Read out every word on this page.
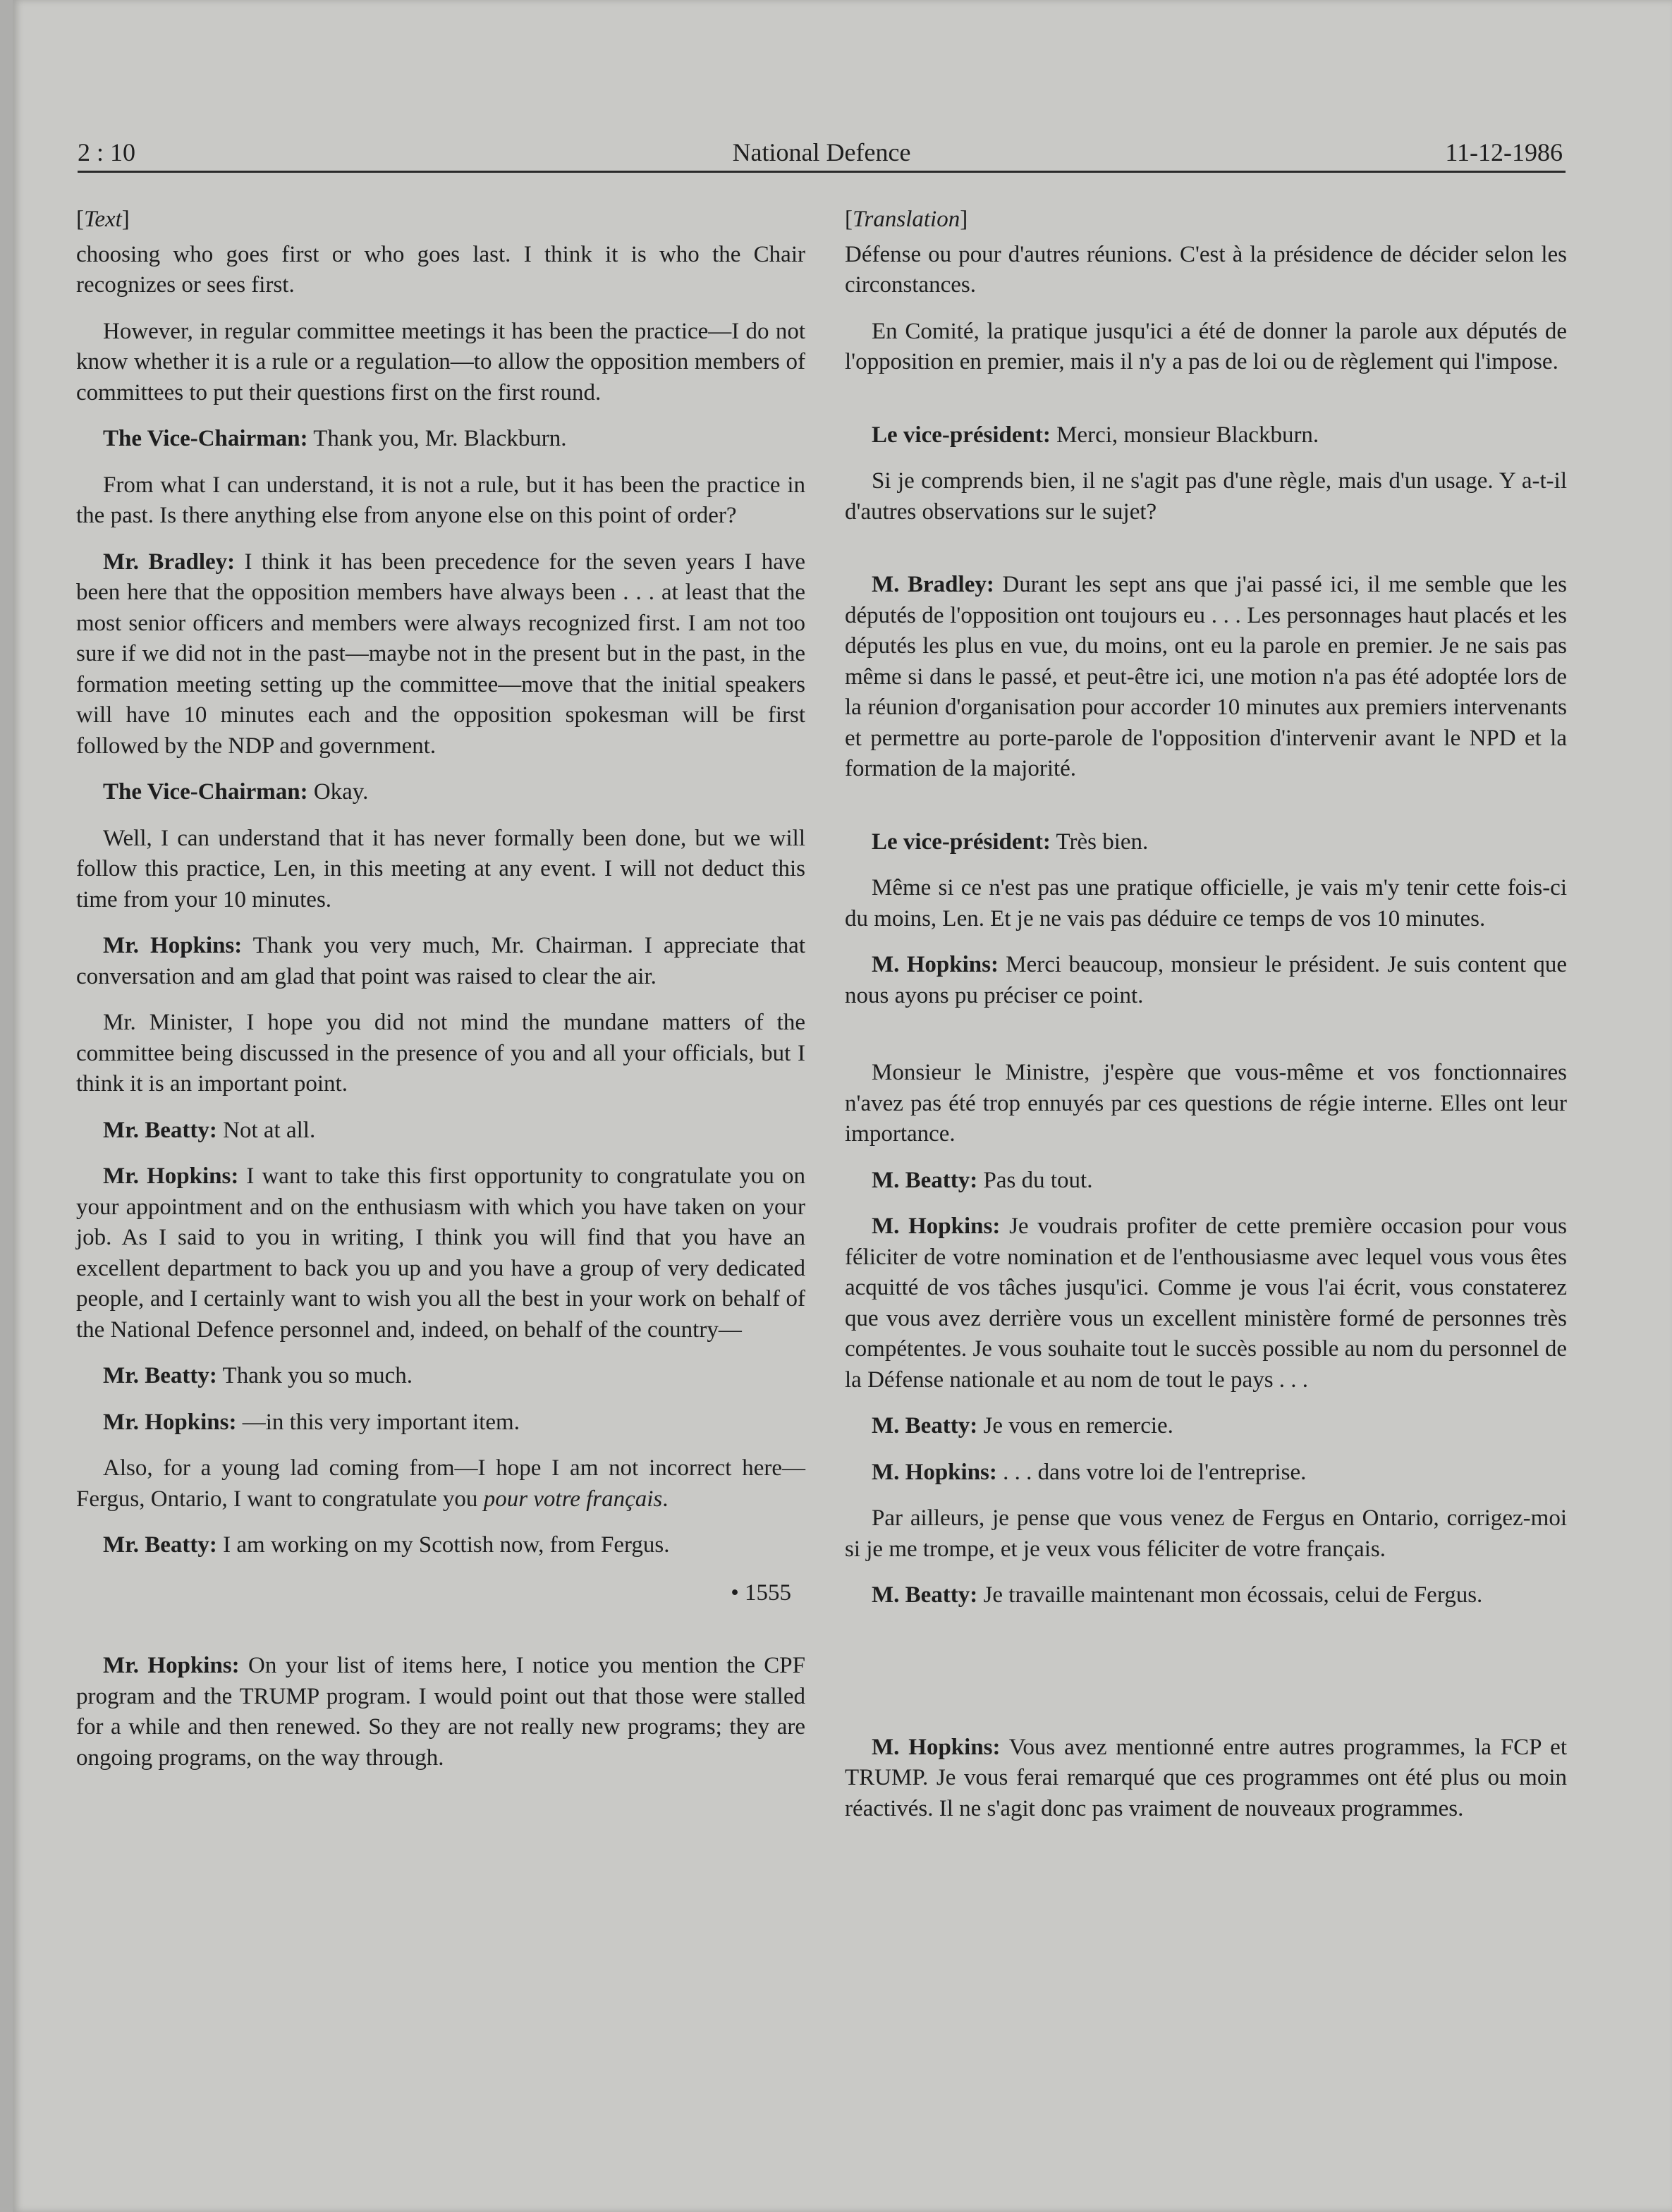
2 : 10	National Defence	11-12-1986
[Text]

choosing who goes first or who goes last. I think it is who the Chair recognizes or sees first.

However, in regular committee meetings it has been the practice—I do not know whether it is a rule or a regulation—to allow the opposition members of committees to put their questions first on the first round.

The Vice-Chairman: Thank you, Mr. Blackburn.

From what I can understand, it is not a rule, but it has been the practice in the past. Is there anything else from anyone else on this point of order?

Mr. Bradley: I think it has been precedence for the seven years I have been here that the opposition members have always been . . . at least that the most senior officers and members were always recognized first. I am not too sure if we did not in the past—maybe not in the present but in the past, in the formation meeting setting up the committee—move that the initial speakers will have 10 minutes each and the opposition spokesman will be first followed by the NDP and government.

The Vice-Chairman: Okay.

Well, I can understand that it has never formally been done, but we will follow this practice, Len, in this meeting at any event. I will not deduct this time from your 10 minutes.

Mr. Hopkins: Thank you very much, Mr. Chairman. I appreciate that conversation and am glad that point was raised to clear the air.

Mr. Minister, I hope you did not mind the mundane matters of the committee being discussed in the presence of you and all your officials, but I think it is an important point.

Mr. Beatty: Not at all.

Mr. Hopkins: I want to take this first opportunity to congratulate you on your appointment and on the enthusiasm with which you have taken on your job. As I said to you in writing, I think you will find that you have an excellent department to back you up and you have a group of very dedicated people, and I certainly want to wish you all the best in your work on behalf of the National Defence personnel and, indeed, on behalf of the country—

Mr. Beatty: Thank you so much.

Mr. Hopkins: —in this very important item.

Also, for a young lad coming from—I hope I am not incorrect here—Fergus, Ontario, I want to congratulate you pour votre français.

Mr. Beatty: I am working on my Scottish now, from Fergus.

• 1555

Mr. Hopkins: On your list of items here, I notice you mention the CPF program and the TRUMP program. I would point out that those were stalled for a while and then renewed. So they are not really new programs; they are ongoing programs, on the way through.

[Translation]

Défense ou pour d'autres réunions. C'est à la présidence de décider selon les circonstances.

En Comité, la pratique jusqu'ici a été de donner la parole aux députés de l'opposition en premier, mais il n'y a pas de loi ou de règlement qui l'impose.

Le vice-président: Merci, monsieur Blackburn.

Si je comprends bien, il ne s'agit pas d'une règle, mais d'un usage. Y a-t-il d'autres observations sur le sujet?

M. Bradley: Durant les sept ans que j'ai passé ici, il me semble que les députés de l'opposition ont toujours eu . . . Les personnages haut placés et les députés les plus en vue, du moins, ont eu la parole en premier. Je ne sais pas même si dans le passé, et peut-être ici, une motion n'a pas été adoptée lors de la réunion d'organisation pour accorder 10 minutes aux premiers intervenants et permettre au porte-parole de l'opposition d'intervenir avant le NPD et la formation de la majorité.

Le vice-président: Très bien.

Même si ce n'est pas une pratique officielle, je vais m'y tenir cette fois-ci du moins, Len. Et je ne vais pas déduire ce temps de vos 10 minutes.

M. Hopkins: Merci beaucoup, monsieur le président. Je suis content que nous ayons pu préciser ce point.

Monsieur le Ministre, j'espère que vous-même et vos fonctionnaires n'avez pas été trop ennuyés par ces questions de régie interne. Elles ont leur importance.

M. Beatty: Pas du tout.

M. Hopkins: Je voudrais profiter de cette première occasion pour vous féliciter de votre nomination et de l'enthousiasme avec lequel vous vous êtes acquitté de vos tâches jusqu'ici. Comme je vous l'ai écrit, vous constaterez que vous avez derrière vous un excellent ministère formé de personnes très compétentes. Je vous souhaite tout le succès possible au nom du personnel de la Défense nationale et au nom de tout le pays . . .

M. Beatty: Je vous en remercie.

M. Hopkins: . . . dans votre loi de l'entreprise.

Par ailleurs, je pense que vous venez de Fergus en Ontario, corrigez-moi si je me trompe, et je veux vous féliciter de votre français.

M. Beatty: Je travaille maintenant mon écossais, celui de Fergus.

M. Hopkins: Vous avez mentionné entre autres programmes, la FCP et TRUMP. Je vous ferai remarqué que ces programmes ont été plus ou moin réactivés. Il ne s'agit donc pas vraiment de nouveaux programmes.
